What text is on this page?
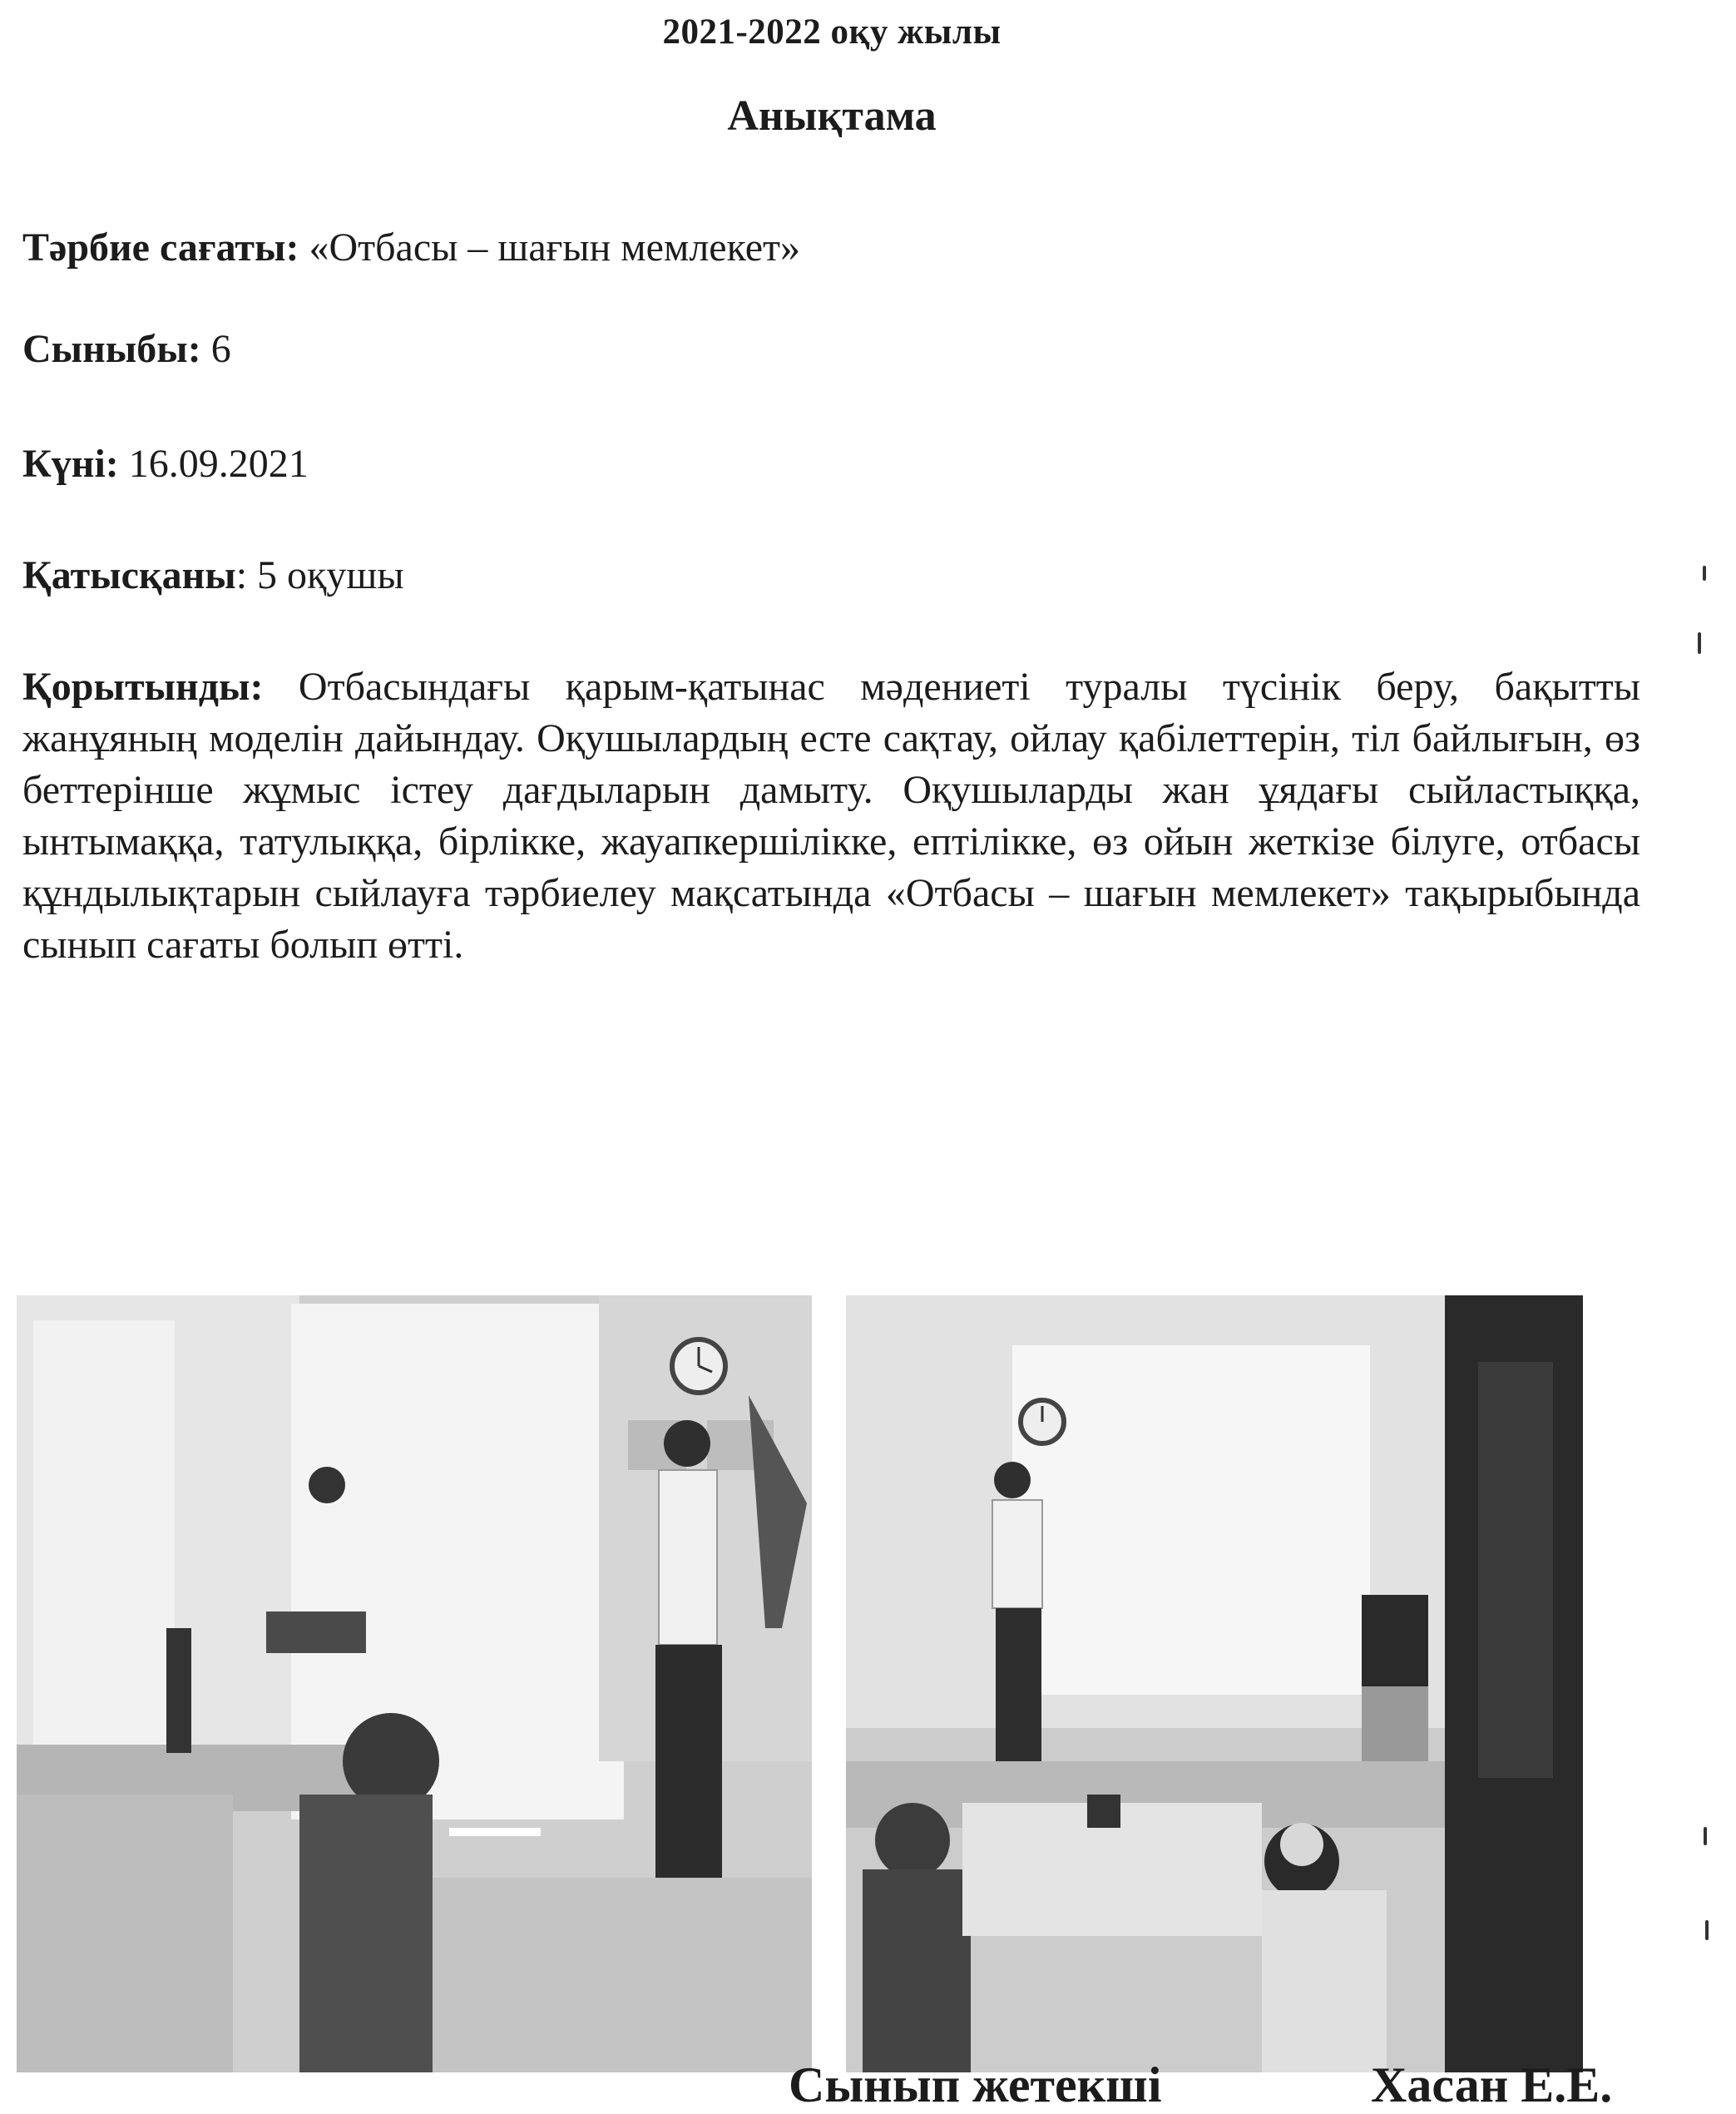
2021-2022 оқу жылы
Анықтама
Тәрбие сағаты: «Отбасы – шағын мемлекет»
Сыныбы: 6
Күні: 16.09.2021
Қатысқаны: 5 оқушы
Қорытынды: Отбасындағы қарым-қатынас мәдениеті туралы түсінік беру, бақытты жанұяның моделін дайындау. Оқушылардың есте сақтау, ойлау қабілеттерін, тіл байлығын, өз беттерінше жұмыс істеу дағдыларын дамыту. Оқушыларды жан ұядағы сыйластыққа, ынтымаққа, татулыққа, бірлікке, жауапкершілікке, ептілікке, өз ойын жеткізе білуге, отбасы құндылықтарын сыйлауға тәрбиелеу мақсатында «Отбасы – шағын мемлекет» тақырыбында сынып сағаты болып өтті.
Сынып жетекші	Хасан Е.Е.
